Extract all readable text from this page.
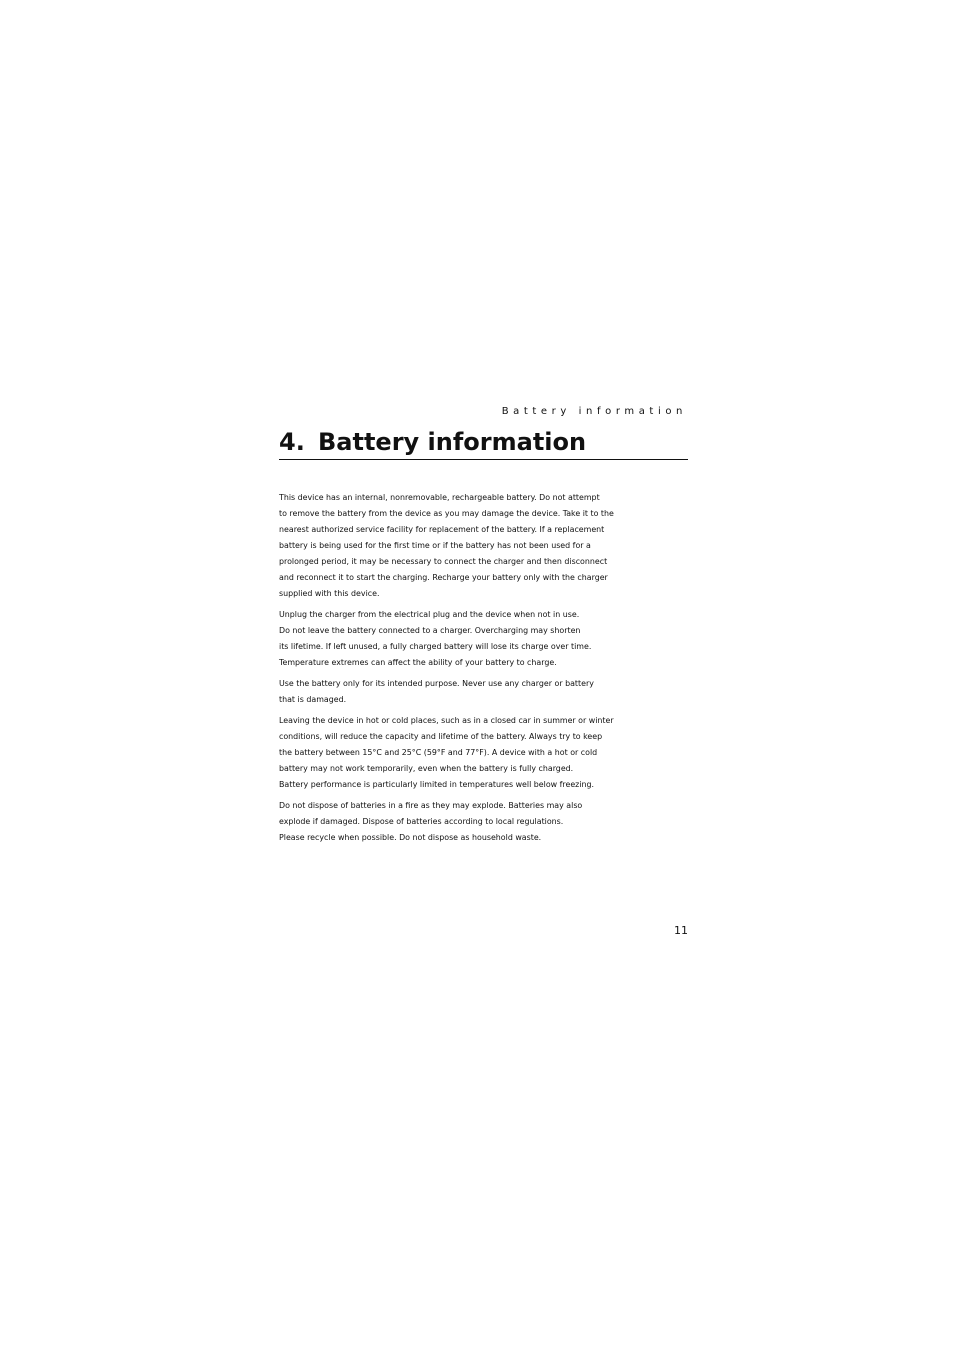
Battery information
4. Battery information

This device has an internal, nonremovable, rechargeable battery. Do not attempt
to remove the battery from the device as you may damage the device. Take it to the
nearest authorized service facility for replacement of the battery. If a replacement
battery is being used for the first time or if the battery has not been used for a
prolonged period, it may be necessary to connect the charger and then disconnect
and reconnect it to start the charging. Recharge your battery only with the charger
supplied with this device.

Unplug the charger from the electrical plug and the device when not in use.
Do not leave the battery connected to a charger. Overcharging may shorten
its lifetime. If left unused, a fully charged battery will lose its charge over time.
Temperature extremes can affect the ability of your battery to charge.

Use the battery only for its intended purpose. Never use any charger or battery
that is damaged.

Leaving the device in hot or cold places, such as in a closed car in summer or winter
conditions, will reduce the capacity and lifetime of the battery. Always try to keep
the battery between 15°C and 25°C (59°F and 77°F). A device with a hot or cold
battery may not work temporarily, even when the battery is fully charged.
Battery performance is particularly limited in temperatures well below freezing.

Do not dispose of batteries in a fire as they may explode. Batteries may also
explode if damaged. Dispose of batteries according to local regulations.
Please recycle when possible. Do not dispose as household waste.

11
